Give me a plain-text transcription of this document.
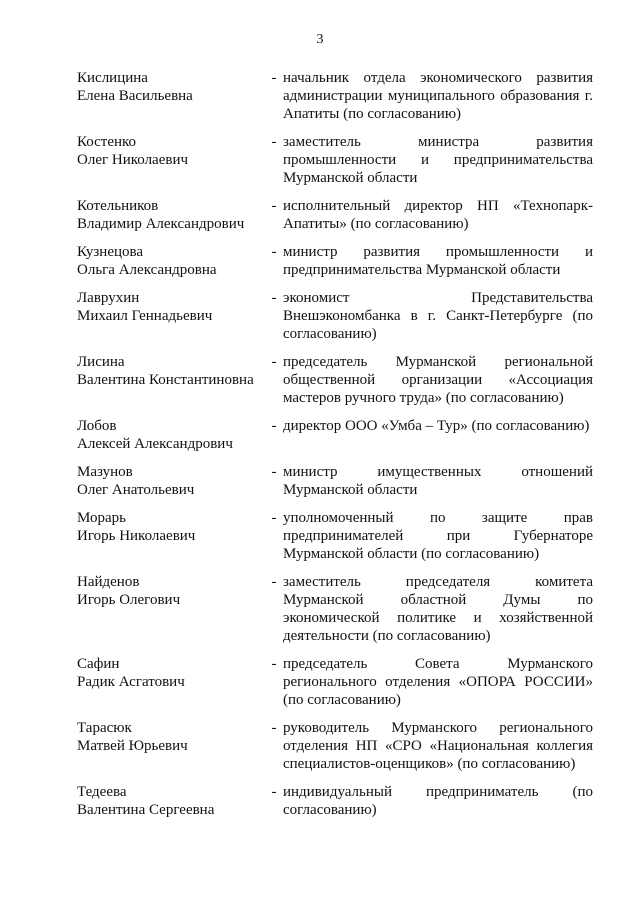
3
Кислицина
Елена Васильевна
- начальник отдела экономического развития администрации муниципального образования г. Апатиты (по согласованию)
Костенко
Олег Николаевич
- заместитель министра развития промышленности и предпринимательства Мурманской области
Котельников
Владимир Александрович
- исполнительный директор НП «Технопарк-Апатиты» (по согласованию)
Кузнецова
Ольга Александровна
- министр развития промышленности и предпринимательства Мурманской области
Лаврухин
Михаил Геннадьевич
- экономист Представительства Внешэкономбанка в г. Санкт-Петербурге (по согласованию)
Лисина
Валентина Константиновна
- председатель Мурманской региональной общественной организации «Ассоциация мастеров ручного труда» (по согласованию)
Лобов
Алексей Александрович
- директор ООО «Умба – Тур» (по согласованию)
Мазунов
Олег Анатольевич
- министр имущественных отношений Мурманской области
Морарь
Игорь Николаевич
- уполномоченный по защите прав предпринимателей при Губернаторе Мурманской области (по согласованию)
Найденов
Игорь Олегович
- заместитель председателя комитета Мурманской областной Думы по экономической политике и хозяйственной деятельности (по согласованию)
Сафин
Радик Асгатович
- председатель Совета Мурманского регионального отделения «ОПОРА РОССИИ» (по согласованию)
Тарасюк
Матвей Юрьевич
- руководитель Мурманского регионального отделения НП «СРО «Национальная коллегия специалистов-оценщиков» (по согласованию)
Тедеева
Валентина Сергеевна
- индивидуальный предприниматель (по согласованию)
